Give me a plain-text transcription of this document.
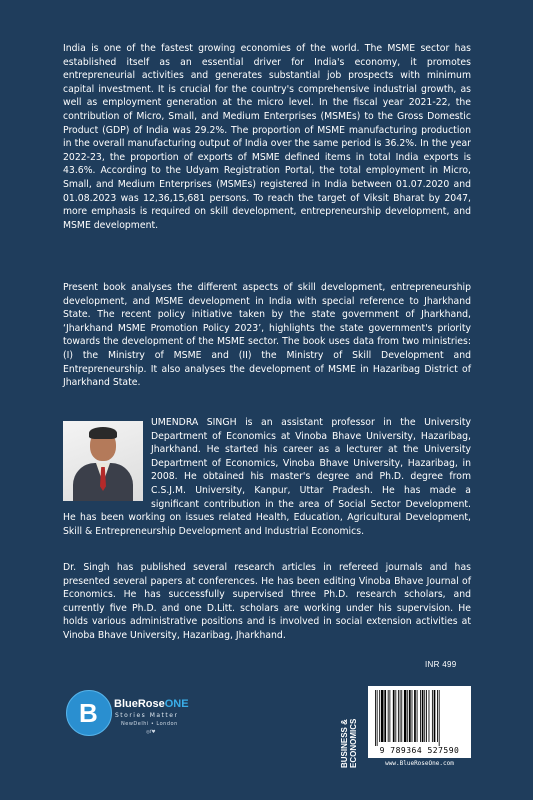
India is one of the fastest growing economies of the world. The MSME sector has established itself as an essential driver for India's economy, it promotes entrepreneurial activities and generates substantial job prospects with minimum capital investment. It is crucial for the country's comprehensive industrial growth, as well as employment generation at the micro level. In the fiscal year 2021-22, the contribution of Micro, Small, and Medium Enterprises (MSMEs) to the Gross Domestic Product (GDP) of India was 29.2%. The proportion of MSME manufacturing production in the overall manufacturing output of India over the same period is 36.2%. In the year 2022-23, the proportion of exports of MSME defined items in total India exports is 43.6%. According to the Udyam Registration Portal, the total employment in Micro, Small, and Medium Enterprises (MSMEs) registered in India between 01.07.2020 and 01.08.2023 was 12,36,15,681 persons. To reach the target of Viksit Bharat by 2047, more emphasis is required on skill development, entrepreneurship development, and MSME development.

Present book analyses the different aspects of skill development, entrepreneurship development, and MSME development in India with special reference to Jharkhand State. The recent policy initiative taken by the state government of Jharkhand, ‘Jharkhand MSME Promotion Policy 2023’, highlights the state government's priority towards the development of the MSME sector. The book uses data from two ministries: (I) the Ministry of MSME and (II) the Ministry of Skill Development and Entrepreneurship. It also analyses the development of MSME in Hazaribag District of Jharkhand State.

UMENDRA SINGH is an assistant professor in the University Department of Economics at Vinoba Bhave University, Hazaribag, Jharkhand. He started his career as a lecturer at the University Department of Economics, Vinoba Bhave University, Hazaribag, in 2008. He obtained his master's degree and Ph.D. degree from C.S.J.M. University, Kanpur, Uttar Pradesh. He has made a significant contribution in the area of Social Sector Development. He has been working on issues related Health, Education, Agricultural Development, Skill & Entrepreneurship Development and Industrial Economics.

Dr. Singh has published several research articles in refereed journals and has presented several papers at conferences. He has been editing Vinoba Bhave Journal of Economics. He has successfully supervised three Ph.D. research scholars, and currently five Ph.D. and one D.Litt. scholars are working under his supervision. He holds various administrative positions and is involved in social extension activities at Vinoba Bhave University, Hazaribag, Jharkhand.

B BlueRoseONE
Stories Matter
NewDelhi • London
◎f♥
INR 499
BUSINESS & ECONOMICS	9 789364 527590
www.BlueRoseOne.com
